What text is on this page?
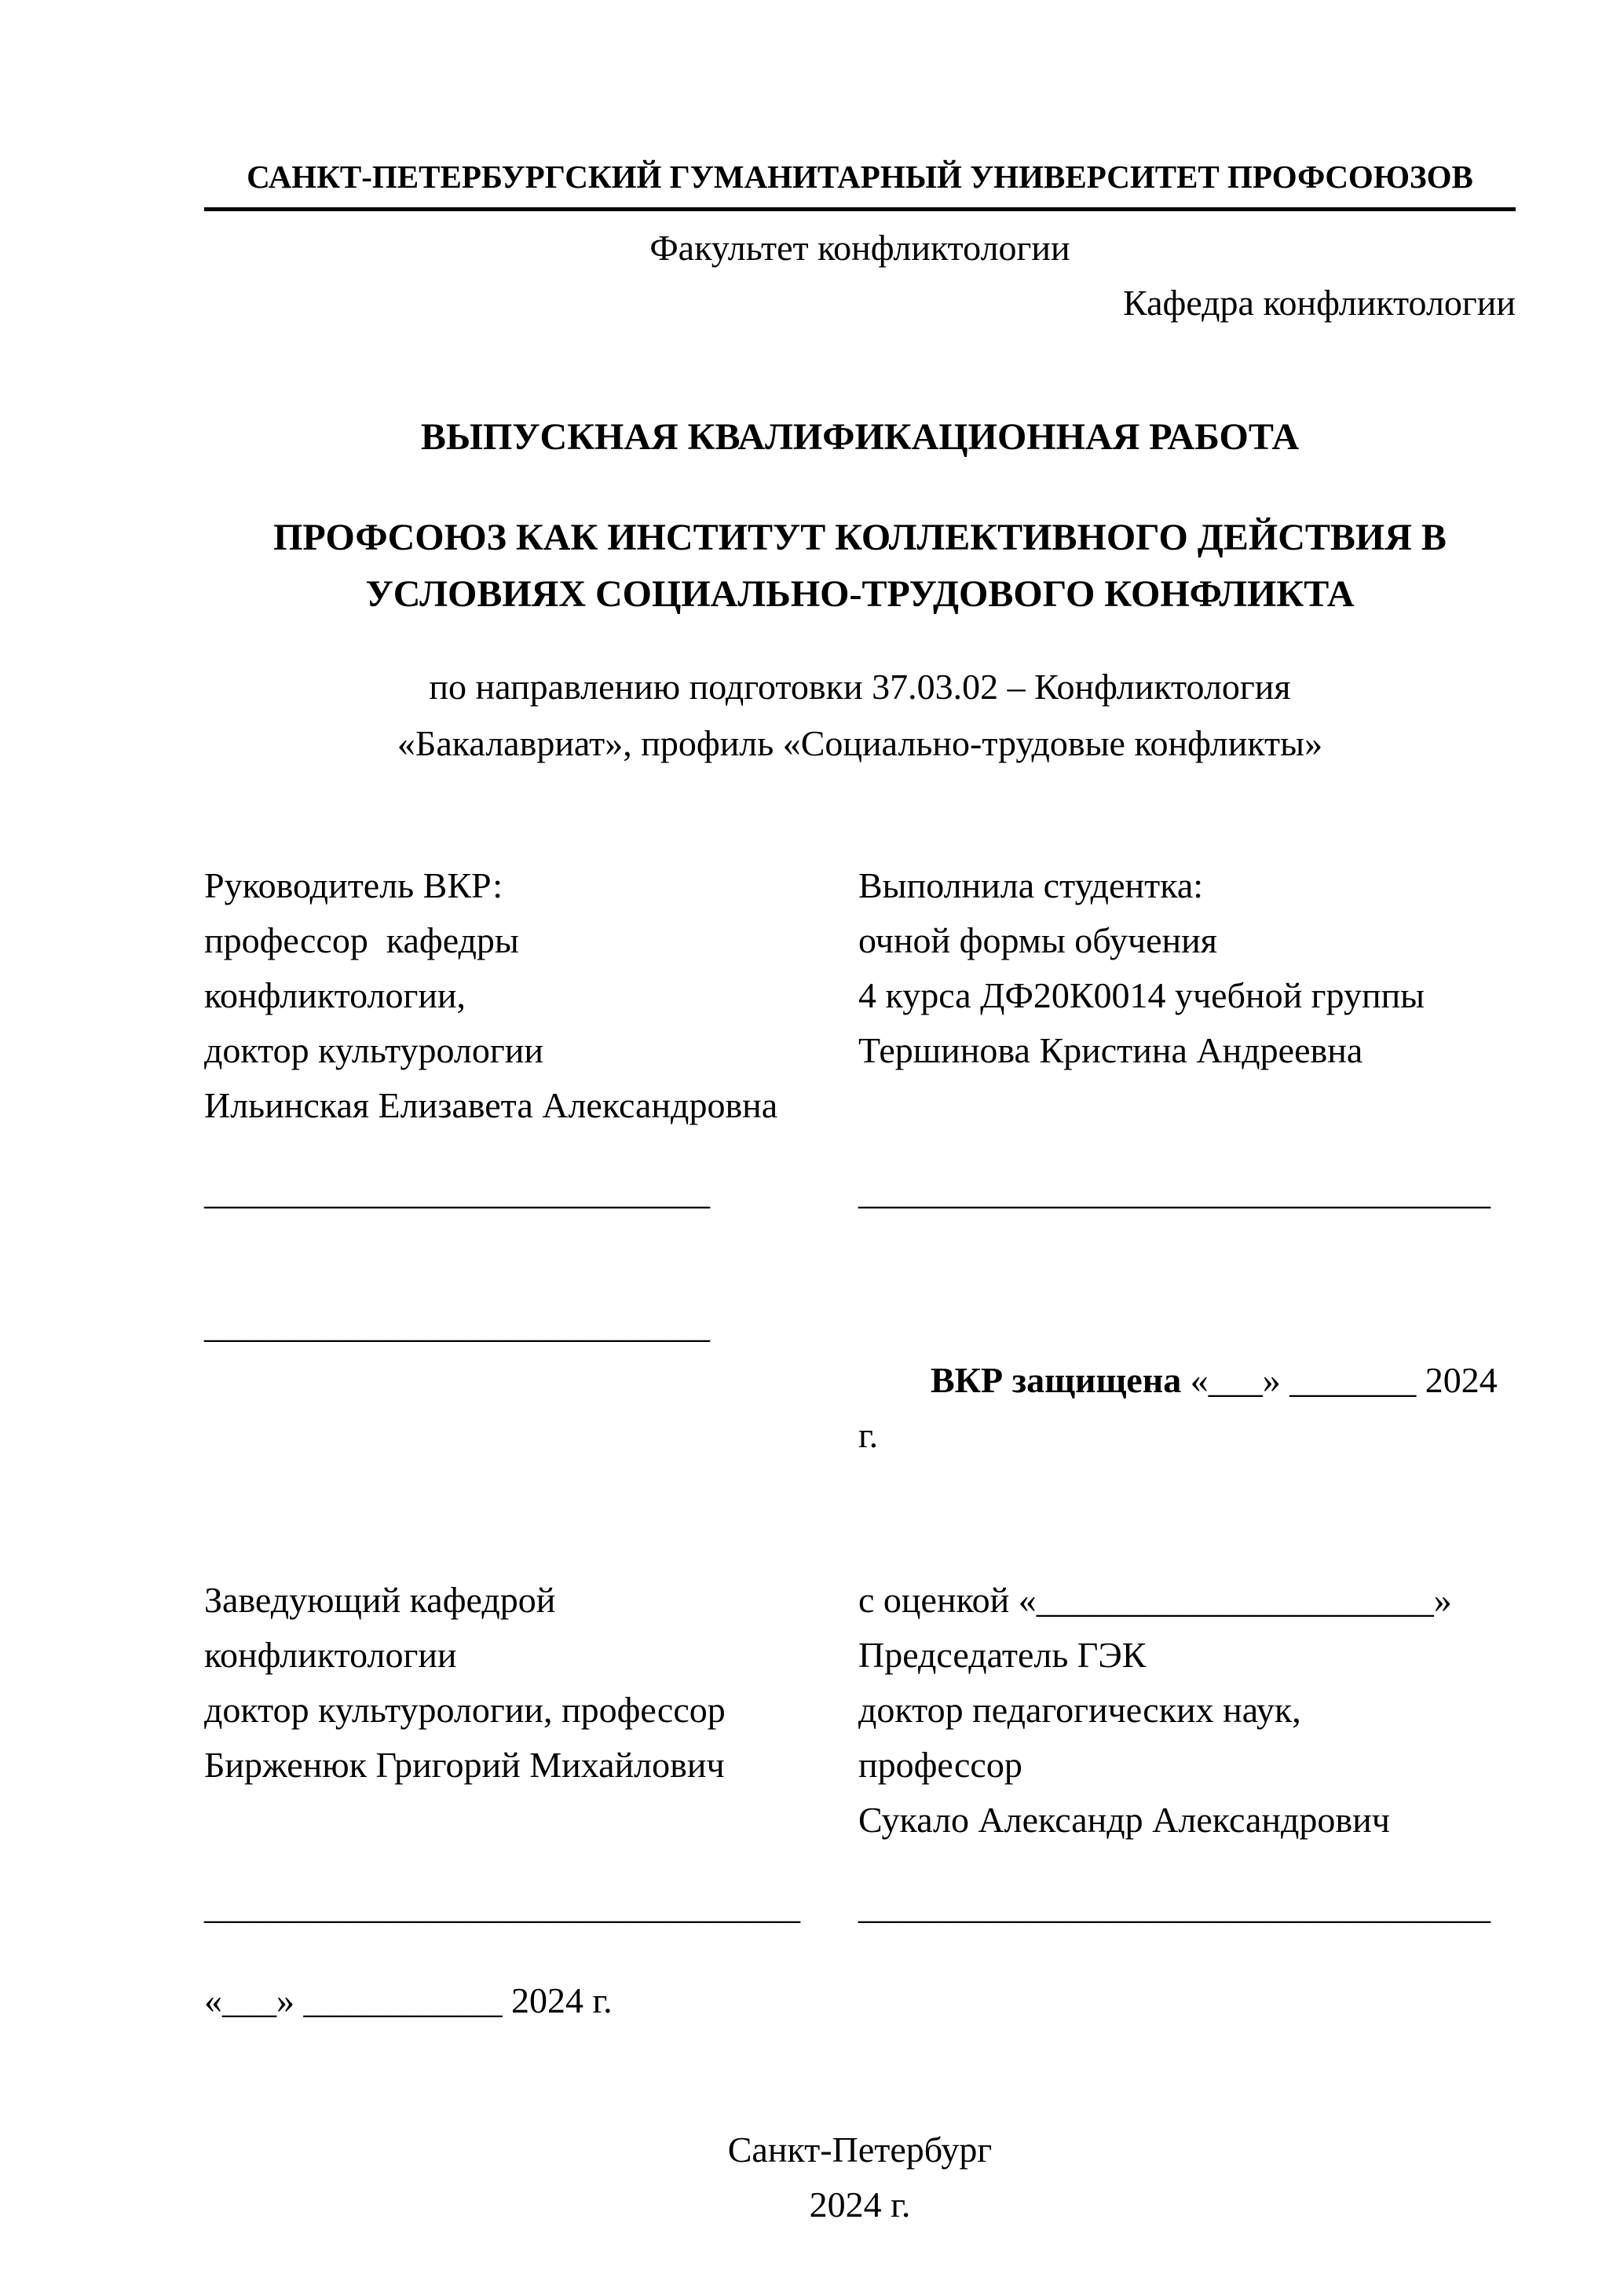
САНКТ-ПЕТЕРБУРГСКИЙ ГУМАНИТАРНЫЙ УНИВЕРСИТЕТ ПРОФСОЮЗОВ
Факультет конфликтологии
Кафедра конфликтологии
ВЫПУСКНАЯ КВАЛИФИКАЦИОННАЯ РАБОТА
ПРОФСОЮЗ КАК ИНСТИТУТ КОЛЛЕКТИВНОГО ДЕЙСТВИЯ В
УСЛОВИЯХ СОЦИАЛЬНО-ТРУДОВОГО КОНФЛИКТА
по направлению подготовки 37.03.02 – Конфликтология
«Бакалавриат», профиль «Социально-трудовые конфликты»
Руководитель ВКР:
профессор  кафедры
конфликтологии,
доктор культурологии
Ильинская Елизавета Александровна
Выполнила студентка:
очной формы обучения
4 курса ДФ20К0014 учебной группы
Тершинова Кристина Андреевна
____________________________	___________________________________
____________________________

ВКР защищена «___» _______ 2024 г.

Заведующий кафедрой
конфликтологии
доктор культурологии, профессор
Бирженюк Григорий Михайлович
с оценкой «______________________»
Председатель ГЭК
доктор педагогических наук,
профессор
Сукало Александр Александрович
_________________________________	___________________________________
«___» ___________ 2024 г.
Санкт-Петербург
2024 г.
